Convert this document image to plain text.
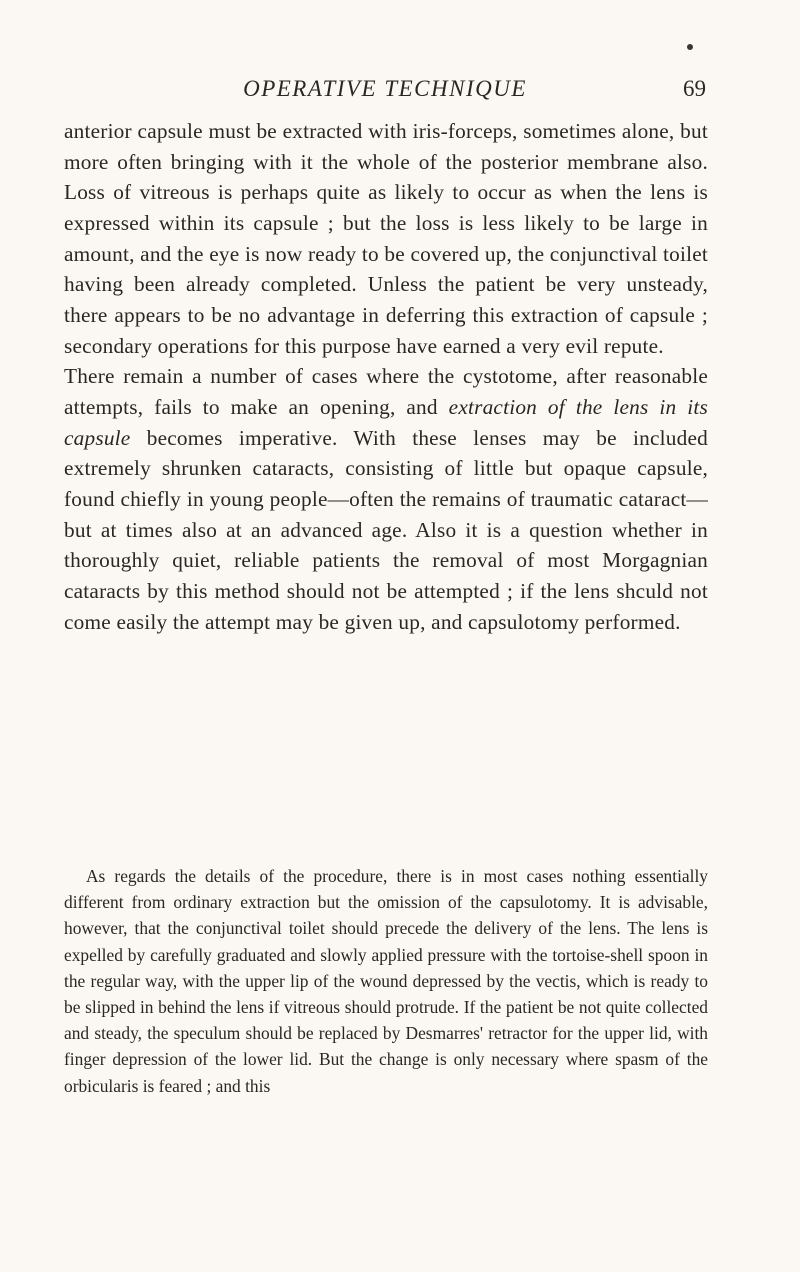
OPERATIVE TECHNIQUE	69

anterior capsule must be extracted with iris-forceps, sometimes alone, but more often bringing with it the whole of the posterior membrane also. Loss of vitreous is perhaps quite as likely to occur as when the lens is expressed within its capsule ; but the loss is less likely to be large in amount, and the eye is now ready to be covered up, the conjunctival toilet having been already completed. Unless the patient be very unsteady, there appears to be no advantage in deferring this extraction of capsule ; secondary operations for this purpose have earned a very evil repute.

There remain a number of cases where the cystotome, after reasonable attempts, fails to make an opening, and extraction of the lens in its capsule becomes imperative. With these lenses may be included extremely shrunken cataracts, consisting of little but opaque capsule, found chiefly in young people—often the remains of traumatic cataract—but at times also at an advanced age. Also it is a question whether in thoroughly quiet, reliable patients the removal of most Morgagnian cataracts by this method should not be attempted ; if the lens shculd not come easily the attempt may be given up, and capsulotomy performed.

As regards the details of the procedure, there is in most cases nothing essentially different from ordinary extraction but the omission of the capsulotomy. It is advisable, however, that the conjunctival toilet should precede the delivery of the lens. The lens is expelled by carefully graduated and slowly applied pressure with the tortoise-shell spoon in the regular way, with the upper lip of the wound depressed by the vectis, which is ready to be slipped in behind the lens if vitreous should protrude. If the patient be not quite collected and steady, the speculum should be replaced by Desmarres' retractor for the upper lid, with finger depression of the lower lid. But the change is only necessary where spasm of the orbicularis is feared ; and this
